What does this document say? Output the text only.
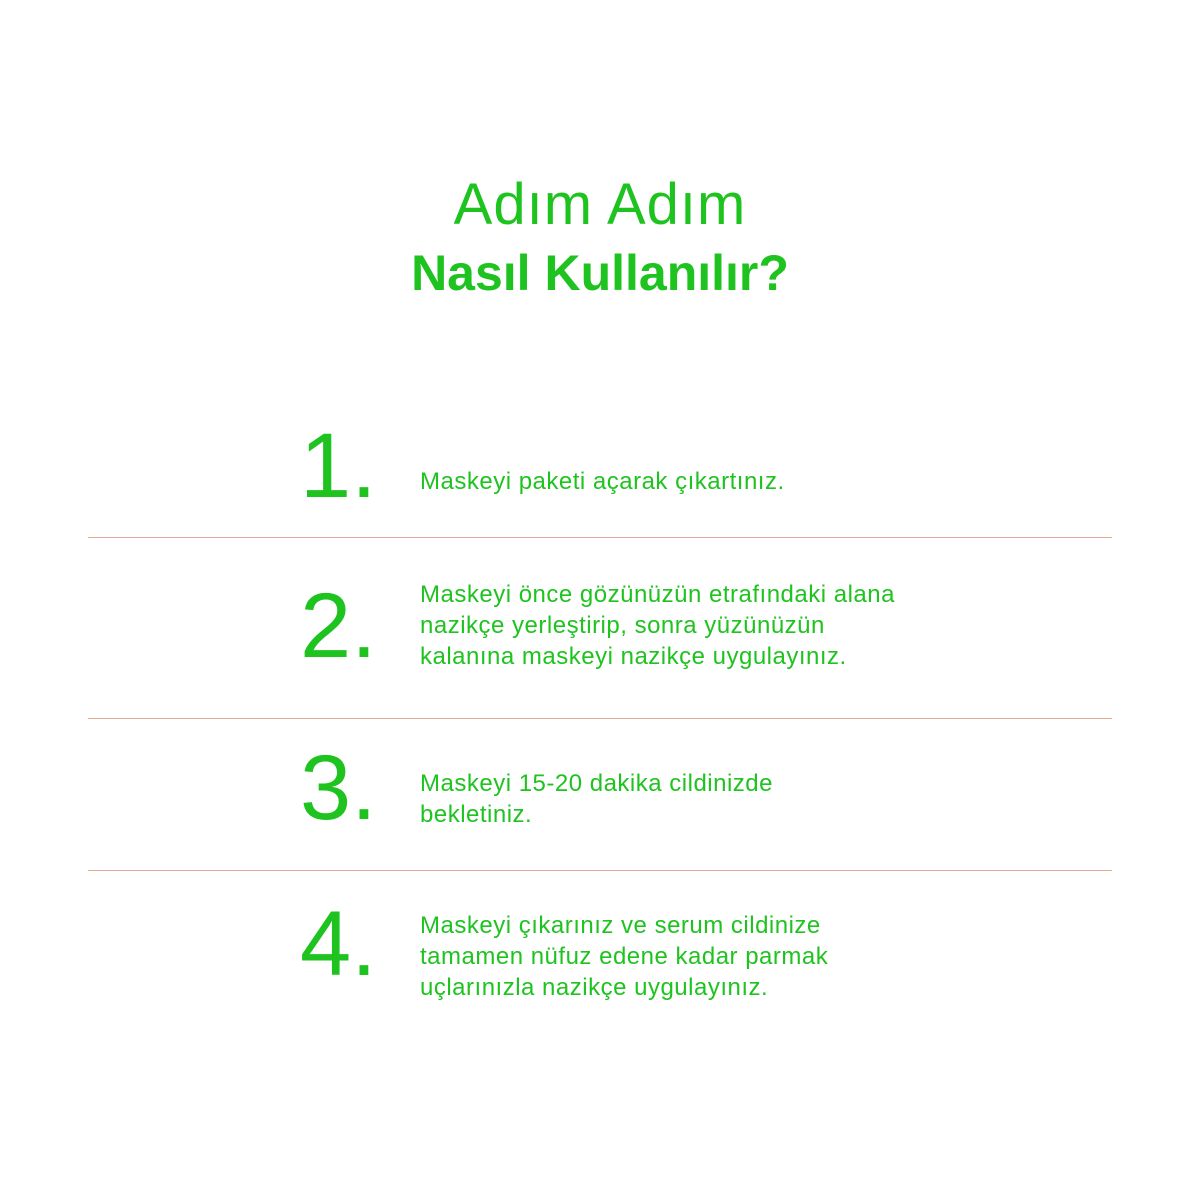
Adım Adım
Nasıl Kullanılır?
1.	Maskeyi paketi açarak çıkartınız.
2.	Maskeyi önce gözünüzün etrafındaki alana nazikçe yerleştirip, sonra yüzünüzün kalanına maskeyi nazikçe uygulayınız.
3.	Maskeyi 15-20 dakika cildinizde bekletiniz.
4.	Maskeyi çıkarınız ve serum cildinize tamamen nüfuz edene kadar parmak uçlarınızla nazikçe uygulayınız.
